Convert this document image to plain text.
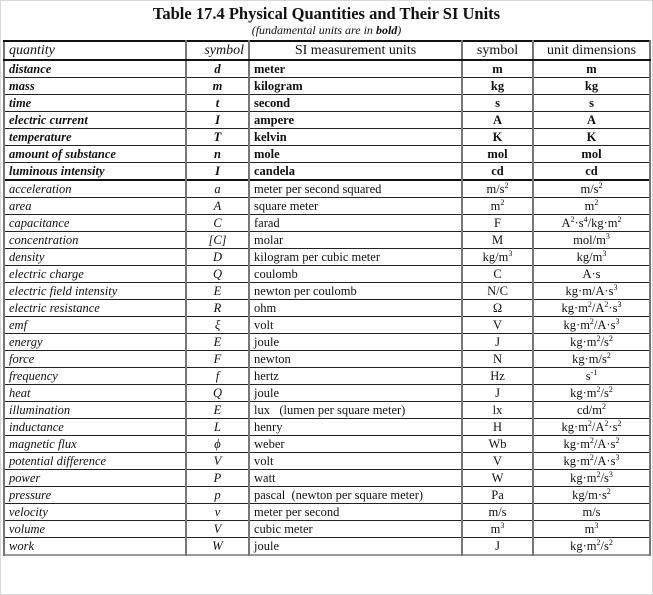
Table 17.4 Physical Quantities and Their SI Units
(fundamental units are in bold)
quantity	symbol	SI measurement units	symbol	unit dimensions
distance	d	meter	m	m
mass	m	kilogram	kg	kg
time	t	second	s	s
electric current	I	ampere	A	A
temperature	T	kelvin	K	K
amount of substance	n	mole	mol	mol
luminous intensity	I	candela	cd	cd
acceleration	a	meter per second squared	$m/s^2$	$m/s^2$
area	A	square meter	$m^2$	$m^2$
capacitance	C	farad	F	$A^2\cdot s^4/kg\cdot m^2$
concentration	[C]	molar	M	mol/$m^3$
density	D	kilogram per cubic meter	$kg/m^3$	$kg/m^3$
electric charge	Q	coulomb	C	A·s
electric field intensity	E	newton per coulomb	N/C	$kg\cdot m/A\cdot s^3$
electric resistance	R	ohm	Ω	$kg\cdot m^2/A^2\cdot s^3$
emf	ξ	volt	V	$kg\cdot m^2/A\cdot s^3$
energy	E	joule	J	$kg\cdot m^2/s^2$
force	F	newton	N	$kg\cdot m/s^2$
frequency	f	hertz	Hz	$s^{-1}$
heat	Q	joule	J	$kg\cdot m^2/s^2$
illumination	E	lux   (lumen per square meter)	lx	$cd/m^2$
inductance	L	henry	H	$kg\cdot m^2/A^2\cdot s^2$
magnetic flux	ϕ	weber	Wb	$kg\cdot m^2/A\cdot s^2$
potential difference	V	volt	V	$kg\cdot m^2/A\cdot s^3$
power	P	watt	W	$kg\cdot m^2/s^3$
pressure	p	pascal  (newton per square meter)	Pa	$kg/m\cdot s^2$
velocity	v	meter per second	m/s	m/s
volume	V	cubic meter	$m^3$	$m^3$
work	W	joule	J	$kg\cdot m^2/s^2$
